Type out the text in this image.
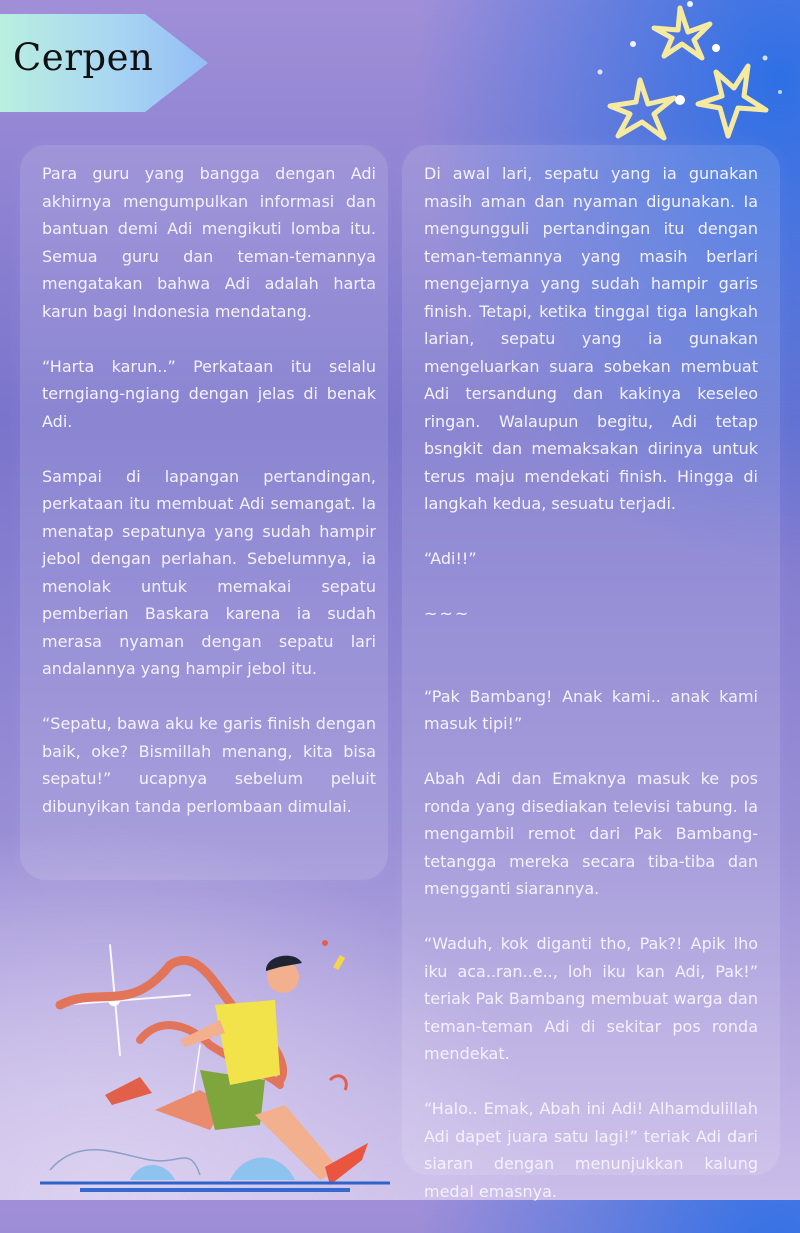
Cerpen

Para guru yang bangga dengan Adi akhirnya mengumpulkan informasi dan bantuan demi Adi mengikuti lomba itu. Semua guru dan teman-temannya mengatakan bahwa Adi adalah harta karun bagi Indonesia mendatang.

“Harta karun..” Perkataan itu selalu terngiang-ngiang dengan jelas di benak Adi.

Sampai di lapangan pertandingan, perkataan itu membuat Adi semangat. Ia menatap sepatunya yang sudah hampir jebol dengan perlahan. Sebelumnya, ia menolak untuk memakai sepatu pemberian Baskara karena ia sudah merasa nyaman dengan sepatu lari andalannya yang hampir jebol itu.

“Sepatu, bawa aku ke garis finish dengan baik, oke? Bismillah menang, kita bisa sepatu!” ucapnya sebelum peluit dibunyikan tanda perlombaan dimulai.

Di awal lari, sepatu yang ia gunakan masih aman dan nyaman digunakan. Ia mengungguli pertandingan itu dengan teman-temannya yang masih berlari mengejarnya yang sudah hampir garis finish. Tetapi, ketika tinggal tiga langkah larian, sepatu yang ia gunakan mengeluarkan suara sobekan membuat Adi tersandung dan kakinya keseleo ringan. Walaupun begitu, Adi tetap bsngkit dan memaksakan dirinya untuk terus maju mendekati finish. Hingga di langkah kedua, sesuatu terjadi.

“Adi!!”

~~~

“Pak Bambang! Anak kami.. anak kami masuk tipi!”

Abah Adi dan Emaknya masuk ke pos ronda yang disediakan televisi tabung. Ia mengambil remot dari Pak Bambang-tetangga mereka secara tiba-tiba dan mengganti siarannya.

“Waduh, kok diganti tho, Pak?! Apik lho iku aca..ran..e.., loh iku kan Adi, Pak!” teriak Pak Bambang membuat warga dan teman-teman Adi di sekitar pos ronda mendekat.

“Halo.. Emak, Abah ini Adi! Alhamdulillah Adi dapet juara satu lagi!” teriak Adi dari siaran dengan menunjukkan kalung medal emasnya.
